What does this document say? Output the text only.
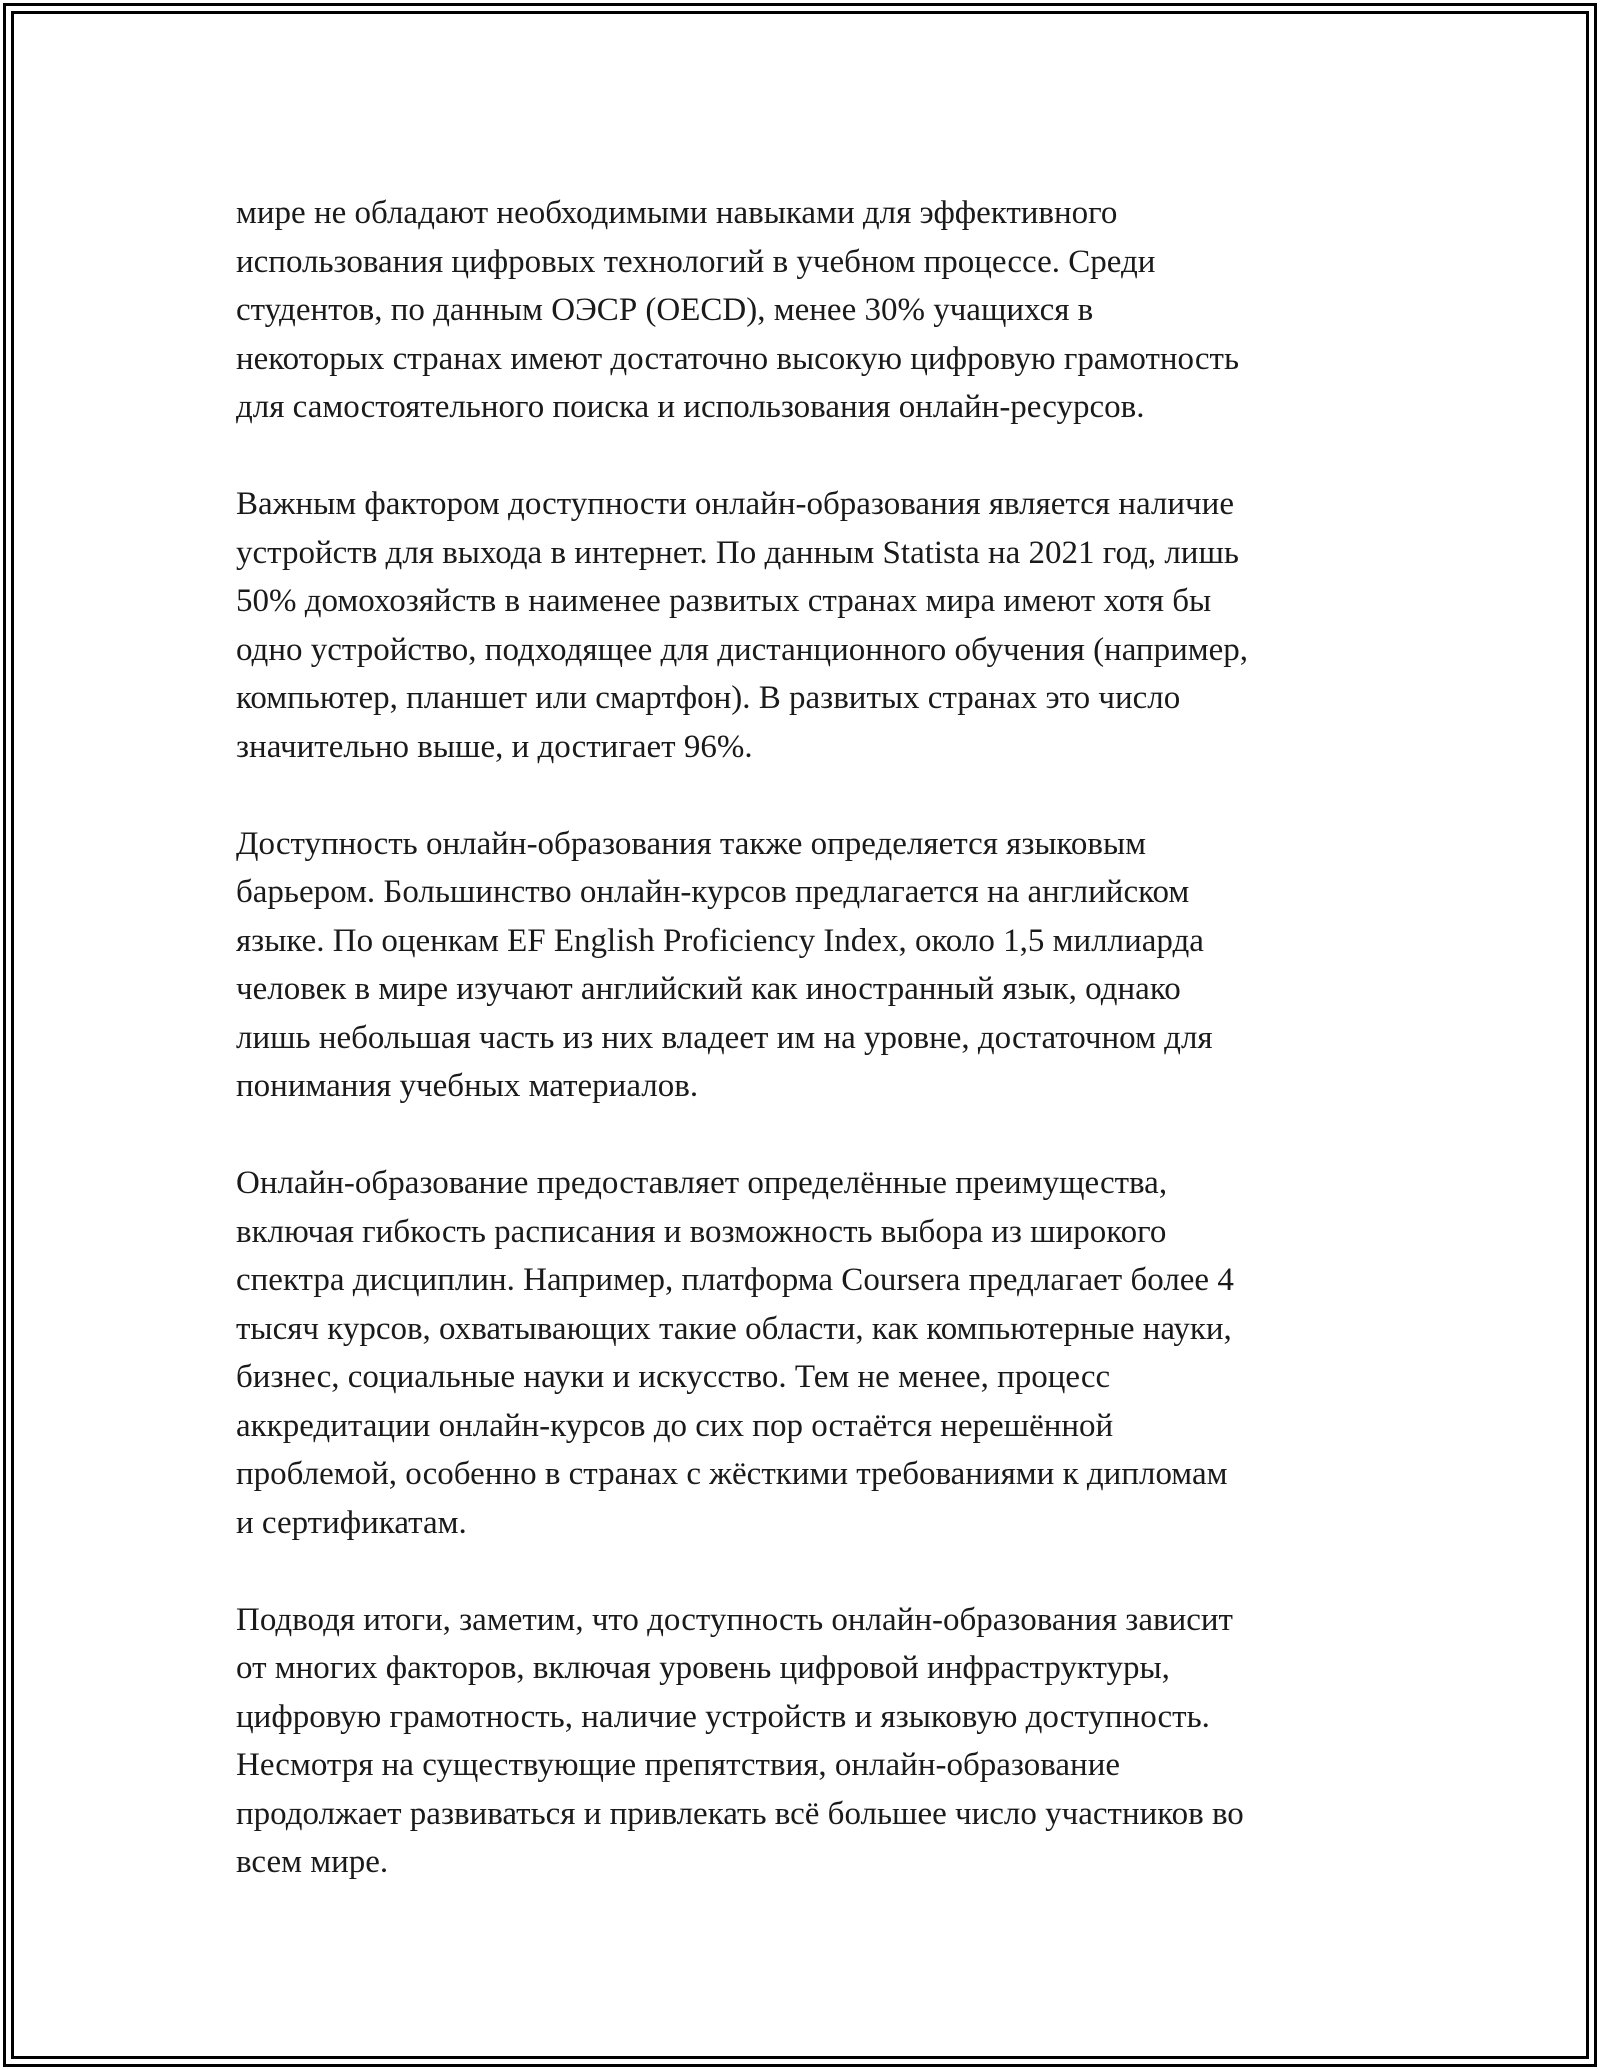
мире не обладают необходимыми навыками для эффективного
использования цифровых технологий в учебном процессе. Среди
студентов, по данным ОЭСР (OECD), менее 30% учащихся в
некоторых странах имеют достаточно высокую цифровую грамотность
для самостоятельного поиска и использования онлайн-ресурсов.

Важным фактором доступности онлайн-образования является наличие
устройств для выхода в интернет. По данным Statista на 2021 год, лишь
50% домохозяйств в наименее развитых странах мира имеют хотя бы
одно устройство, подходящее для дистанционного обучения (например,
компьютер, планшет или смартфон). В развитых странах это число
значительно выше, и достигает 96%.

Доступность онлайн-образования также определяется языковым
барьером. Большинство онлайн-курсов предлагается на английском
языке. По оценкам EF English Proficiency Index, около 1,5 миллиарда
человек в мире изучают английский как иностранный язык, однако
лишь небольшая часть из них владеет им на уровне, достаточном для
понимания учебных материалов.

Онлайн-образование предоставляет определённые преимущества,
включая гибкость расписания и возможность выбора из широкого
спектра дисциплин. Например, платформа Coursera предлагает более 4
тысяч курсов, охватывающих такие области, как компьютерные науки,
бизнес, социальные науки и искусство. Тем не менее, процесс
аккредитации онлайн-курсов до сих пор остаётся нерешённой
проблемой, особенно в странах с жёсткими требованиями к дипломам
и сертификатам.

Подводя итоги, заметим, что доступность онлайн-образования зависит
от многих факторов, включая уровень цифровой инфраструктуры,
цифровую грамотность, наличие устройств и языковую доступность.
Несмотря на существующие препятствия, онлайн-образование
продолжает развиваться и привлекать всё большее число участников во
всем мире.
